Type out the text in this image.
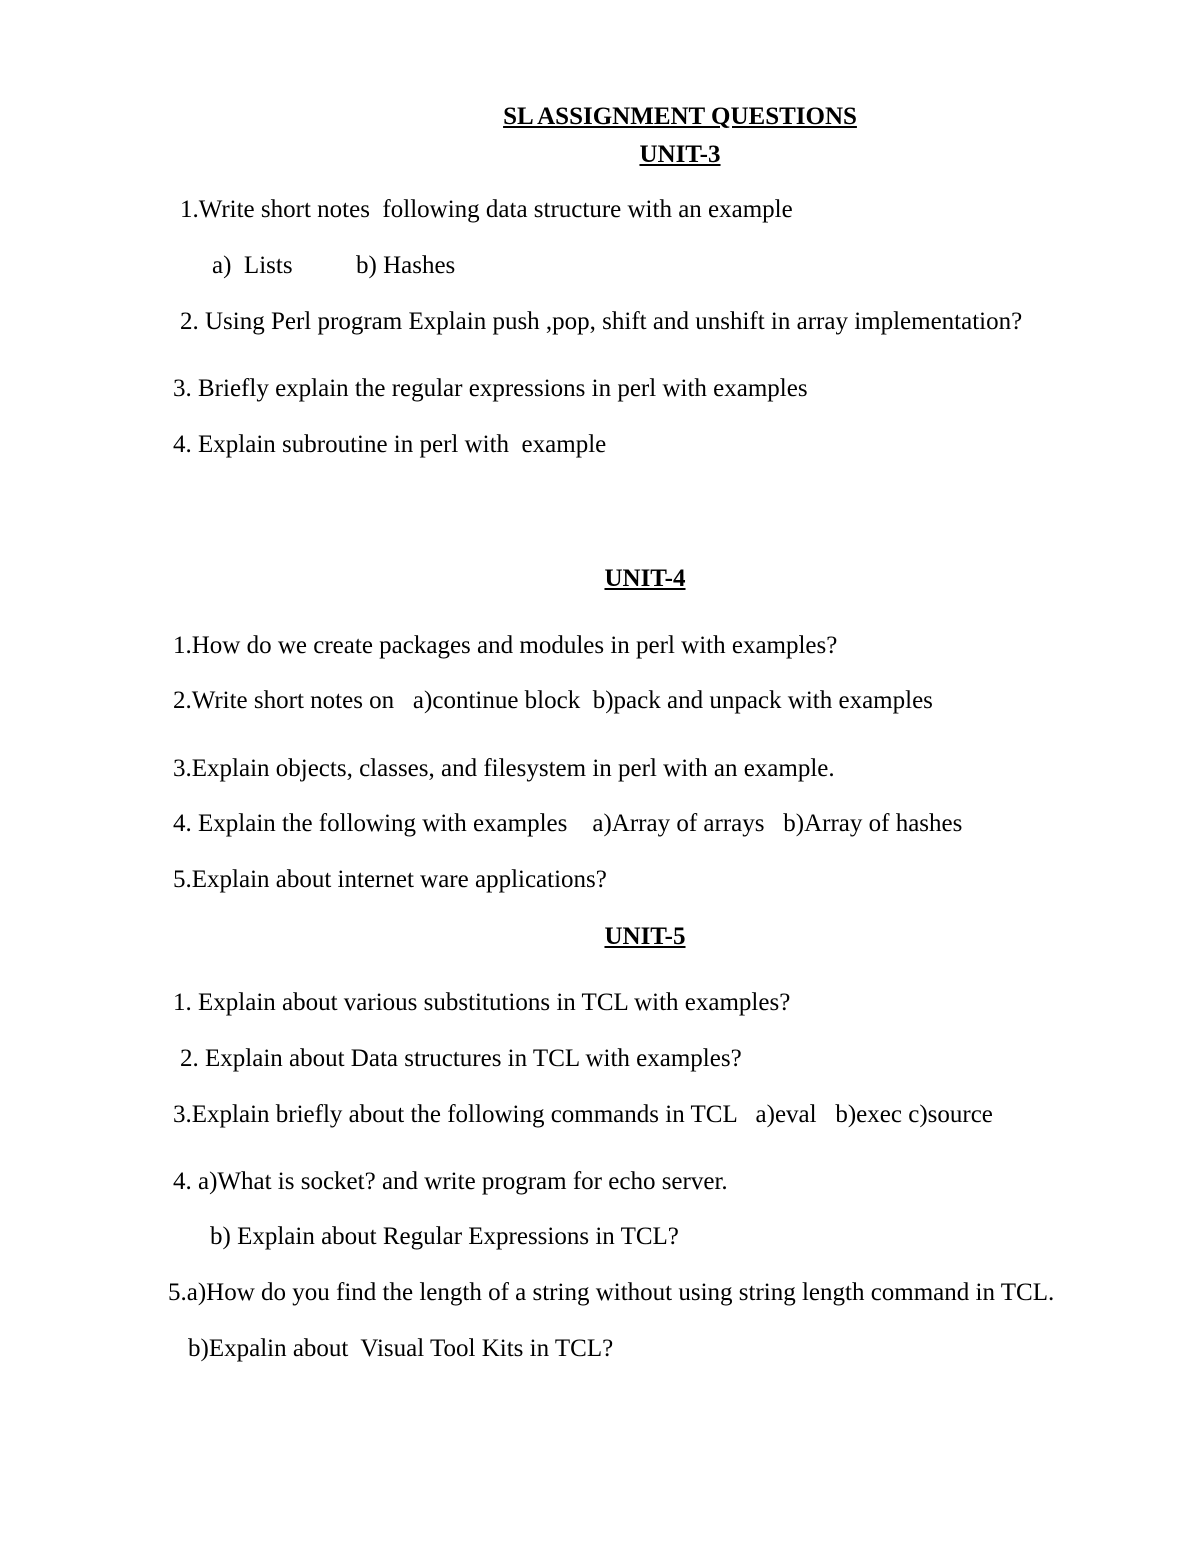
SL ASSIGNMENT QUESTIONS
UNIT-3
1.Write short notes  following data structure with an example
a)  Lists	b) Hashes
2. Using Perl program Explain push ,pop, shift and unshift in array implementation?
3. Briefly explain the regular expressions in perl with examples
4. Explain subroutine in perl with  example
UNIT-4
1.How do we create packages and modules in perl with examples?
2.Write short notes on   a)continue block  b)pack and unpack with examples
3.Explain objects, classes, and filesystem in perl with an example.
4. Explain the following with examples    a)Array of arrays   b)Array of hashes
5.Explain about internet ware applications?
UNIT-5
1. Explain about various substitutions in TCL with examples?
2. Explain about Data structures in TCL with examples?
3.Explain briefly about the following commands in TCL   a)eval   b)exec c)source
4. a)What is socket? and write program for echo server.
b) Explain about Regular Expressions in TCL?
5.a)How do you find the length of a string without using string length command in TCL.
b)Expalin about  Visual Tool Kits in TCL?
